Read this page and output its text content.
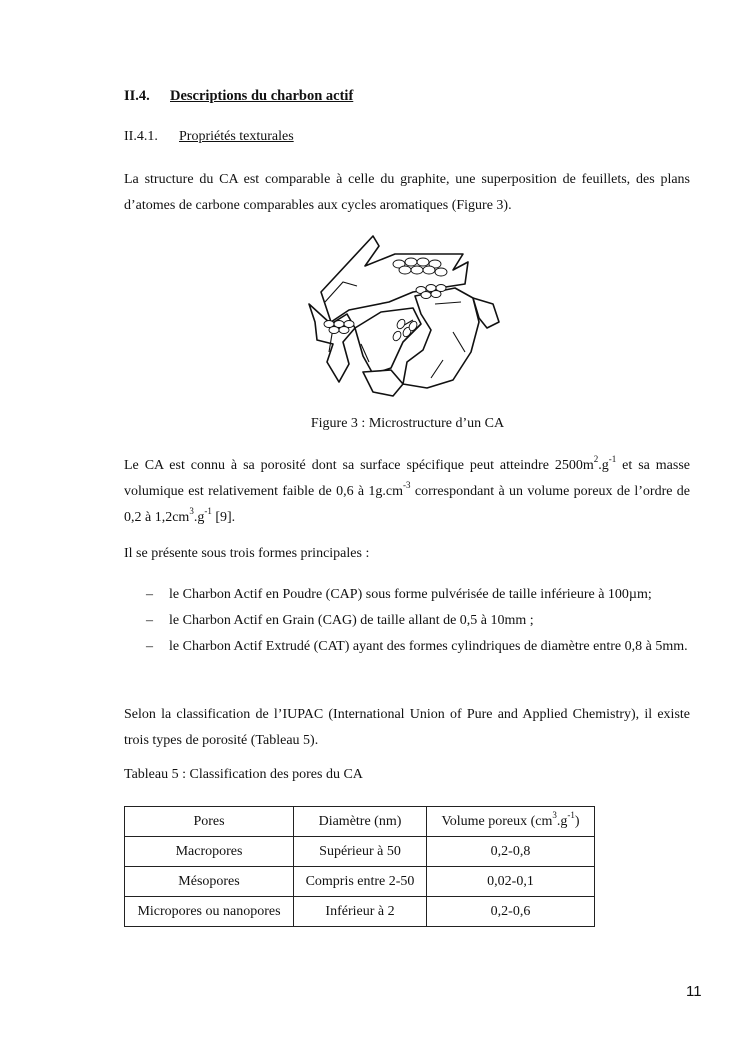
II.4. Descriptions du charbon actif
II.4.1. Propriétés texturales
La structure du CA est comparable à celle du graphite, une superposition de feuillets, des plans d’atomes de carbone comparables aux cycles aromatiques (Figure 3).
Figure 3 : Microstructure d’un CA
Le CA est connu à sa porosité dont sa surface spécifique peut atteindre $2500m^2.g^{-1}$ et sa masse volumique est relativement faible de 0,6 à $1g.cm^{-3}$ correspondant à un volume poreux de l’ordre de 0,2 à $1,2cm^3.g^{-1}$ [9].
Il se présente sous trois formes principales :
– le Charbon Actif en Poudre (CAP) sous forme pulvérisée de taille inférieure à 100µm;
– le Charbon Actif en Grain (CAG) de taille allant de 0,5 à 10mm ;
– le Charbon Actif Extrudé (CAT) ayant des formes cylindriques de diamètre entre 0,8 à 5mm.
Selon la classification de l’IUPAC (International Union of Pure and Applied Chemistry), il existe trois types de porosité (Tableau 5).
Tableau 5 : Classification des pores du CA
Pores	Diamètre (nm)	Volume poreux $(cm^3.g^{-1})$
Macropores	Supérieur à 50	0,2-0,8
Mésopores	Compris entre 2-50	0,02-0,1
Micropores ou nanopores	Inférieur à 2	0,2-0,6
11
